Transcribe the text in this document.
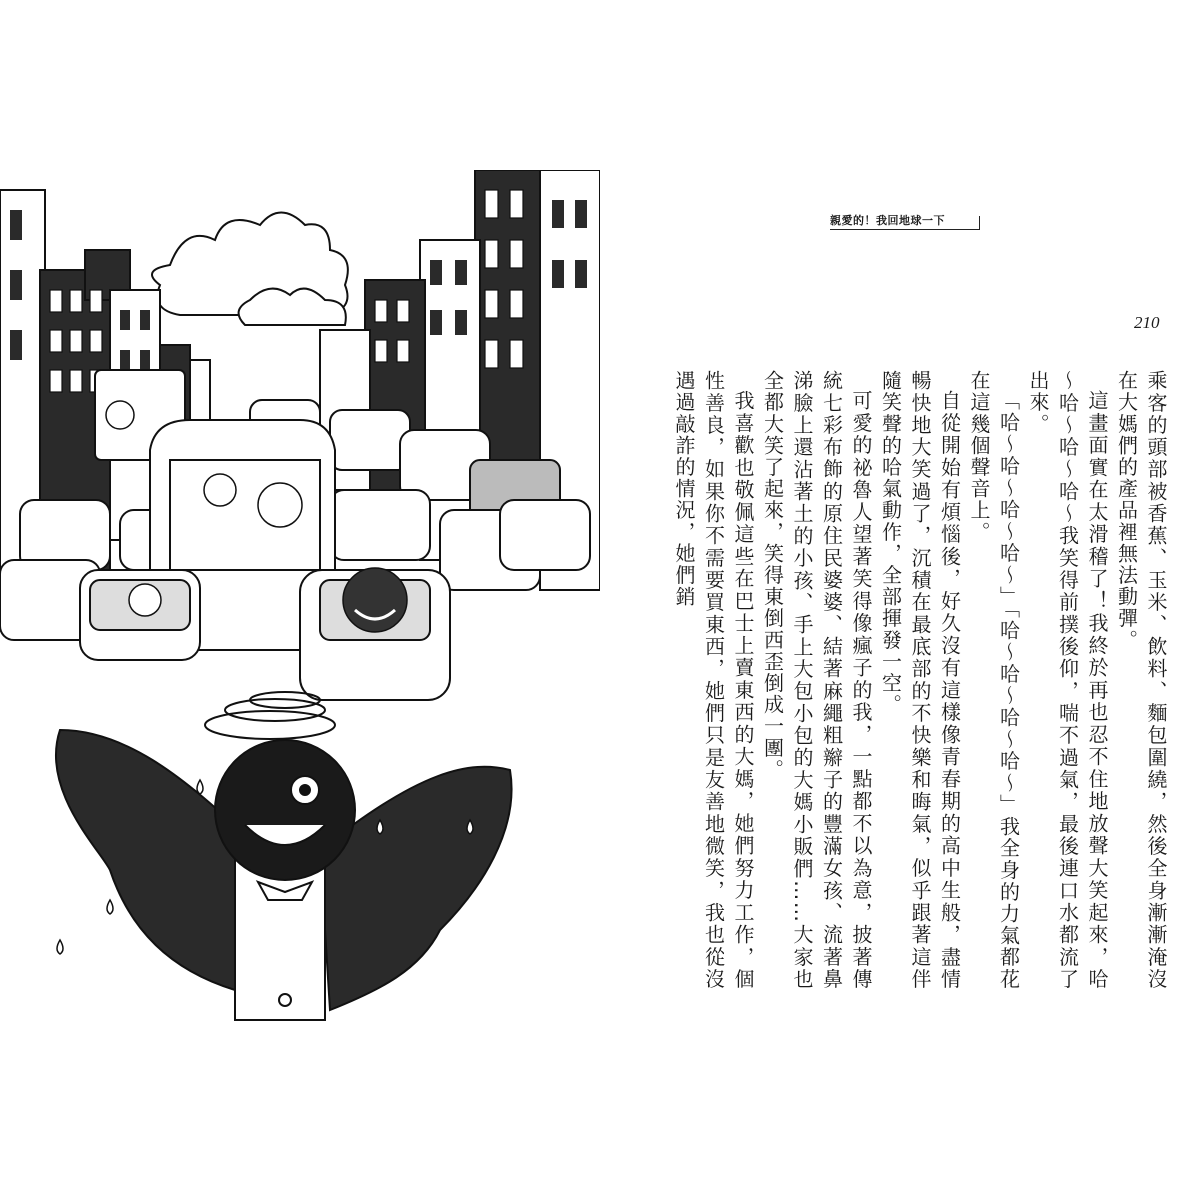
親愛的！我回地球一下
210

乘客的頭部被香蕉、玉米、飲料、麵包圍繞，然後全身漸漸淹沒在大媽們的產品裡無法動彈。

這畫面實在太滑稽了！我終於再也忍不住地放聲大笑起來，哈～哈～哈～哈～我笑得前撲後仰，喘不過氣，最後連口水都流了出來。

「哈～哈～哈～哈～」「哈～哈～哈～哈～」我全身的力氣都花在這幾個聲音上。

自從開始有煩惱後，好久沒有這樣像青春期的高中生般，盡情暢快地大笑過了，沉積在最底部的不快樂和晦氣，似乎跟著這伴隨笑聲的哈氣動作，全部揮發一空。

可愛的祕魯人望著笑得像瘋子的我，一點都不以為意，披著傳統七彩布飾的原住民婆婆、結著麻繩粗辮子的豐滿女孩、流著鼻涕臉上還沾著土的小孩、手上大包小包的大媽小販們……大家也全都大笑了起來，笑得東倒西歪倒成一團。

我喜歡也敬佩這些在巴士上賣東西的大媽，她們努力工作，個性善良，如果你不需要買東西，她們只是友善地微笑，我也從沒遇過敲詐的情況，她們銷
